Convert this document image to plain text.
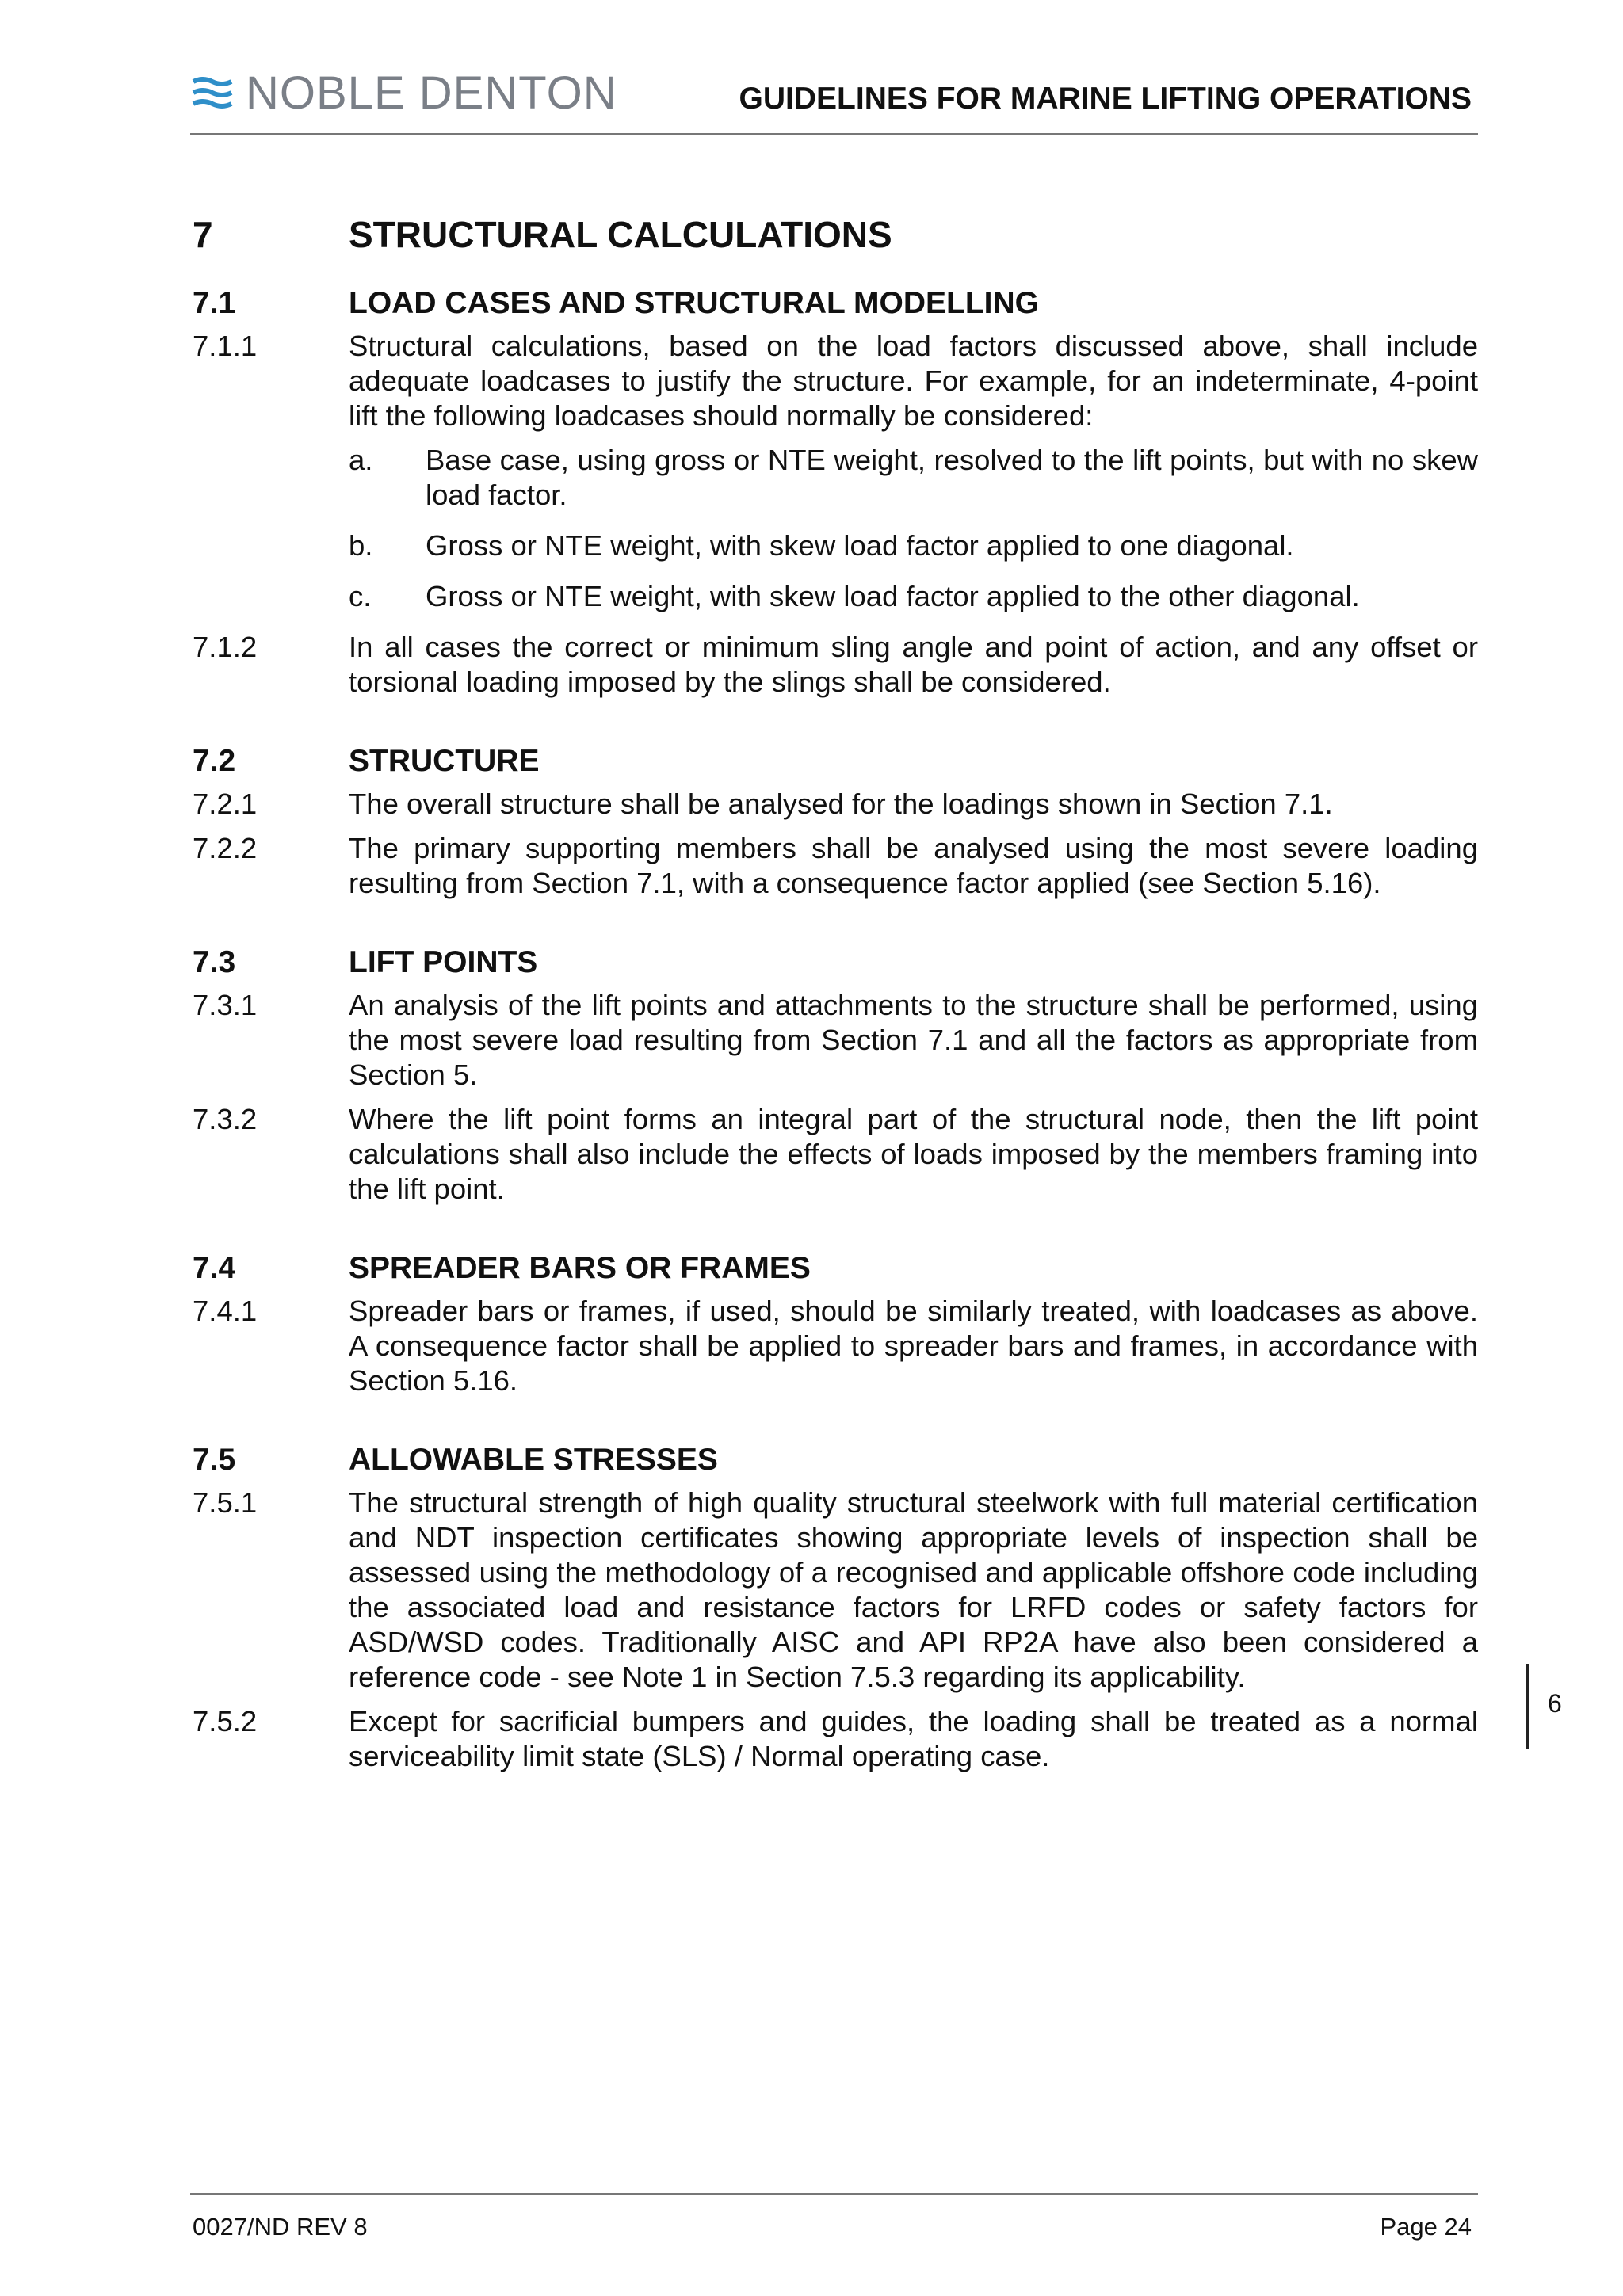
NOBLE DENTON	GUIDELINES FOR MARINE LIFTING OPERATIONS
7	STRUCTURAL CALCULATIONS
7.1	LOAD CASES AND STRUCTURAL MODELLING
7.1.1	Structural calculations, based on the load factors discussed above, shall include adequate loadcases to justify the structure. For example, for an indeterminate, 4-point lift the following loadcases should normally be considered:
a. Base case, using gross or NTE weight, resolved to the lift points, but with no skew load factor.
b. Gross or NTE weight, with skew load factor applied to one diagonal.
c. Gross or NTE weight, with skew load factor applied to the other diagonal.
7.1.2	In all cases the correct or minimum sling angle and point of action, and any offset or torsional loading imposed by the slings shall be considered.
7.2	STRUCTURE
7.2.1	The overall structure shall be analysed for the loadings shown in Section 7.1.
7.2.2	The primary supporting members shall be analysed using the most severe loading resulting from Section 7.1, with a consequence factor applied (see Section 5.16).
7.3	LIFT POINTS
7.3.1	An analysis of the lift points and attachments to the structure shall be performed, using the most severe load resulting from Section 7.1 and all the factors as appropriate from Section 5.
7.3.2	Where the lift point forms an integral part of the structural node, then the lift point calculations shall also include the effects of loads imposed by the members framing into the lift point.
7.4	SPREADER BARS OR FRAMES
7.4.1	Spreader bars or frames, if used, should be similarly treated, with loadcases as above. A consequence factor shall be applied to spreader bars and frames, in accordance with Section 5.16.
7.5	ALLOWABLE STRESSES
7.5.1	The structural strength of high quality structural steelwork with full material certification and NDT inspection certificates showing appropriate levels of inspection shall be assessed using the methodology of a recognised and applicable offshore code including the associated load and resistance factors for LRFD codes or safety factors for ASD/WSD codes. Traditionally AISC and API RP2A have also been considered a reference code - see Note 1 in Section 7.5.3 regarding its applicability.
7.5.2	Except for sacrificial bumpers and guides, the loading shall be treated as a normal serviceability limit state (SLS) / Normal operating case.
6
0027/ND REV 8	Page 24
